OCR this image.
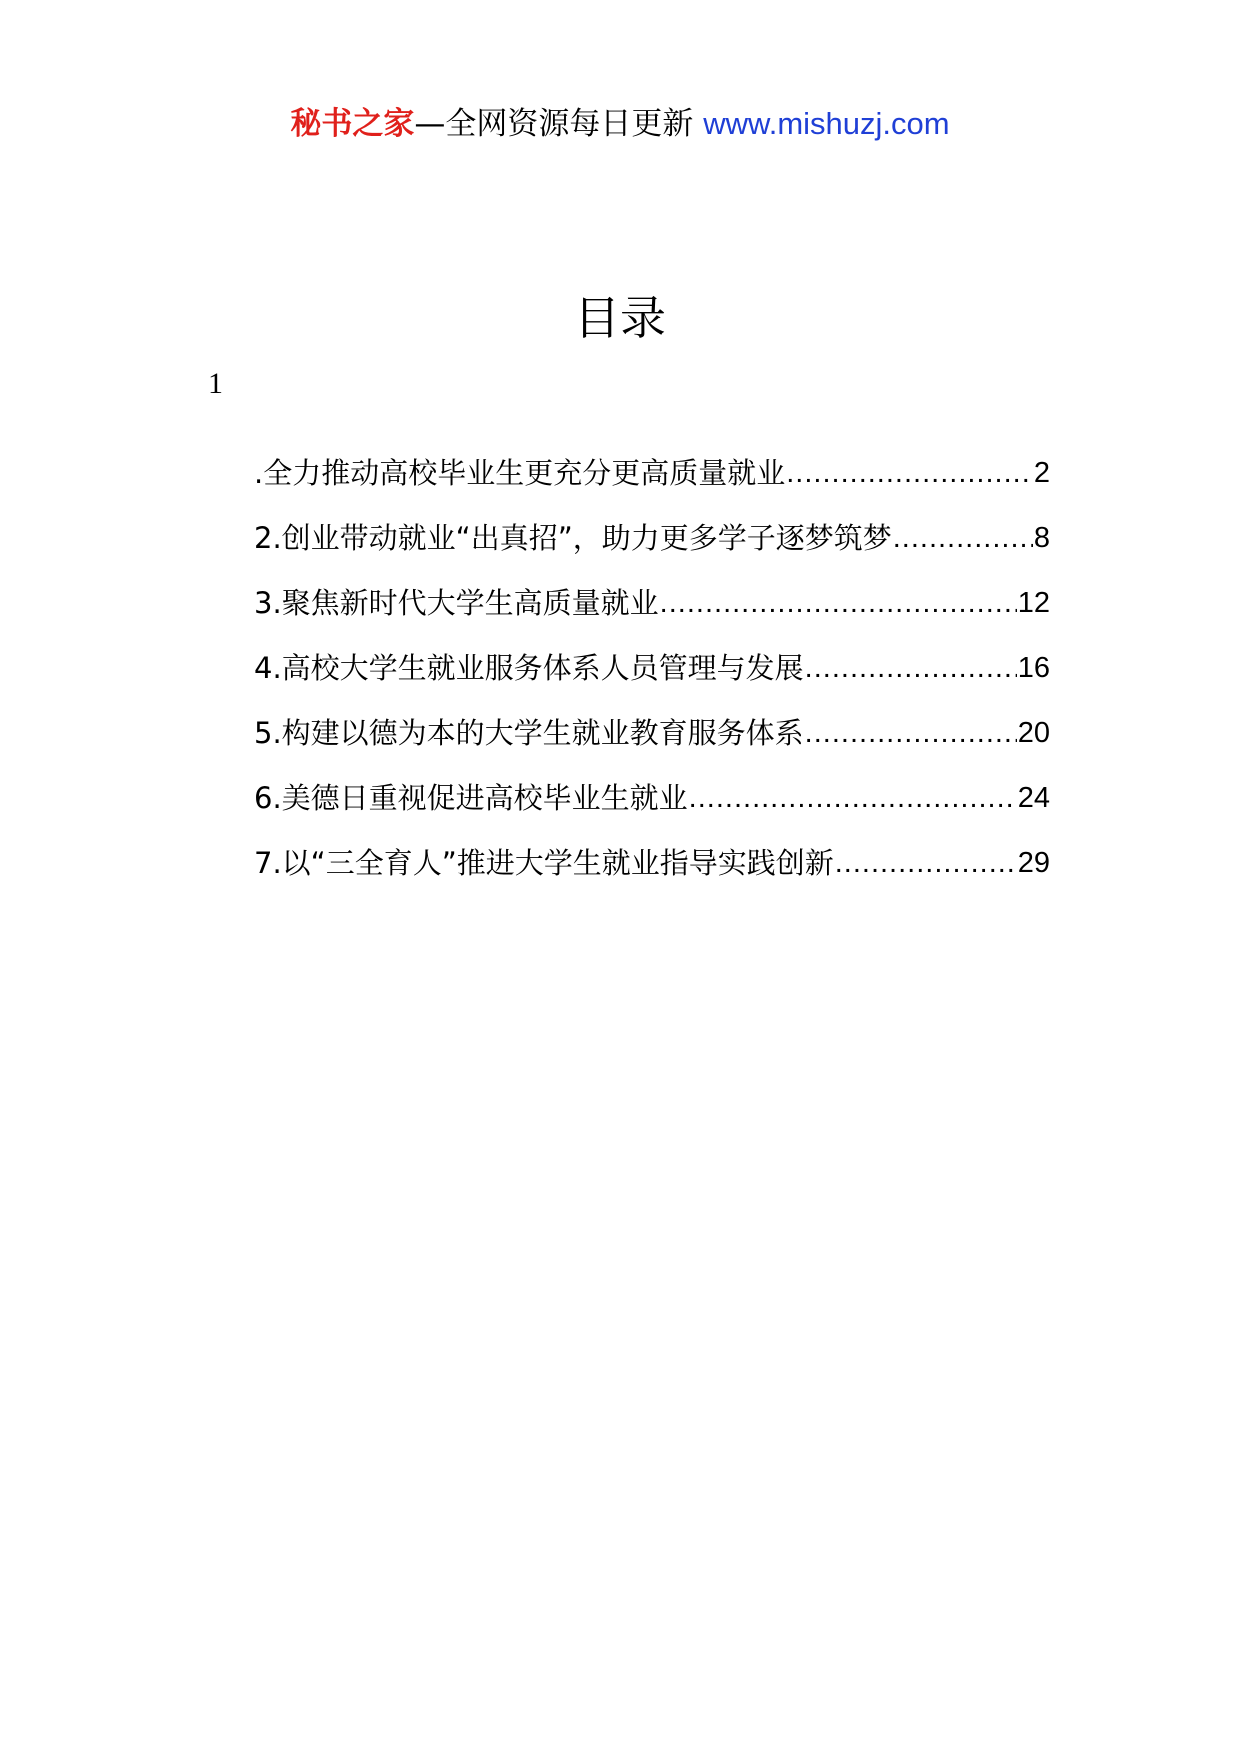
秘书之家—全网资源每日更新 www.mishuzj.com
目录
1
.全力推动高校毕业生更充分更高质量就业 .....	2
2.创业带动就业“出真招”，助力更多学子逐梦筑梦 .....	8
3.聚焦新时代大学生高质量就业 .....	12
4.高校大学生就业服务体系人员管理与发展 .....	16
5.构建以德为本的大学生就业教育服务体系 .....	20
6.美德日重视促进高校毕业生就业 .....	24
7.以“三全育人”推进大学生就业指导实践创新 .....	29
